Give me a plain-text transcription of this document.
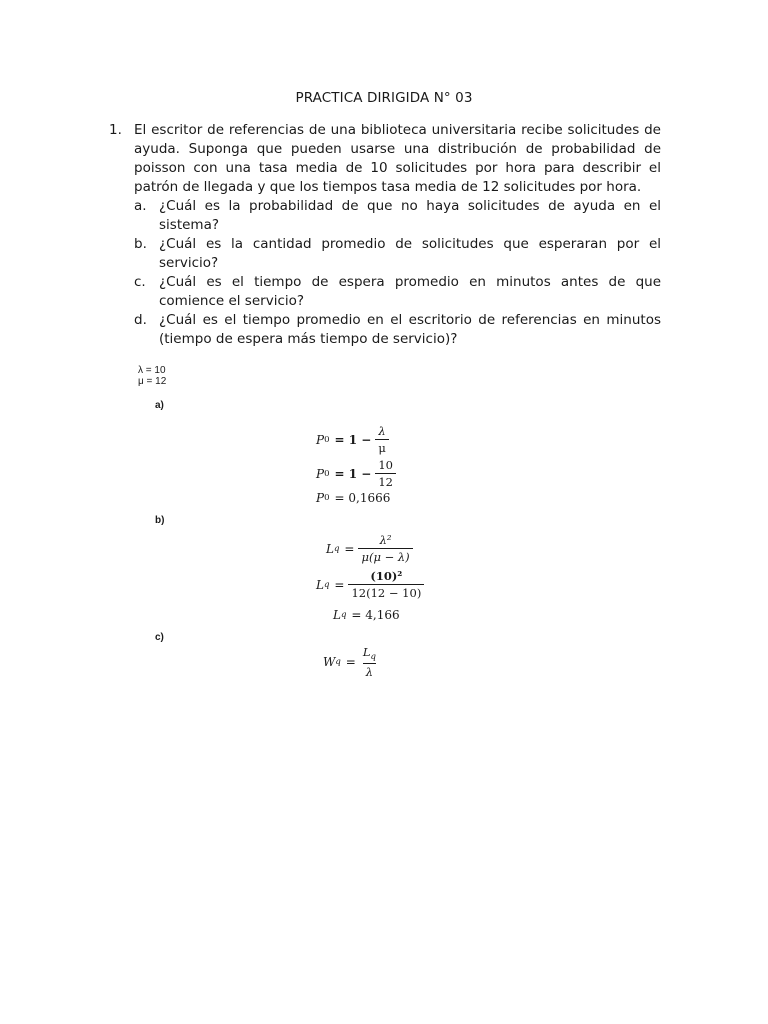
PRACTICA DIRIGIDA N° 03
1. El escritor de referencias de una biblioteca universitaria recibe solicitudes de ayuda. Suponga que pueden usarse una distribución de probabilidad de poisson con una tasa media de 10 solicitudes por hora para describir el patrón de llegada y que los tiempos tasa media de 12 solicitudes por hora.
a. ¿Cuál es la probabilidad de que no haya solicitudes de ayuda en el sistema?
b. ¿Cuál es la cantidad promedio de solicitudes que esperaran por el servicio?
c. ¿Cuál es el tiempo de espera promedio en minutos antes de que comience el servicio?
d. ¿Cuál es el tiempo promedio en el escritorio de referencias en minutos (tiempo de espera más tiempo de servicio)?
λ = 10
μ = 12
a)
P $0 = 1 - \frac{\lambda}{\mu}$
P $0 = 1 - \frac{10}{12}$
P 0 = 0,1666
b)
L $q = \frac{\text{λ²}}{\mu(\mu - \lambda)}$
L $q = \frac{\text{(10)²}}{12(12 - 10)}$
L q = 4,166
c)
W $q = \frac{L_q}{\lambda}$
